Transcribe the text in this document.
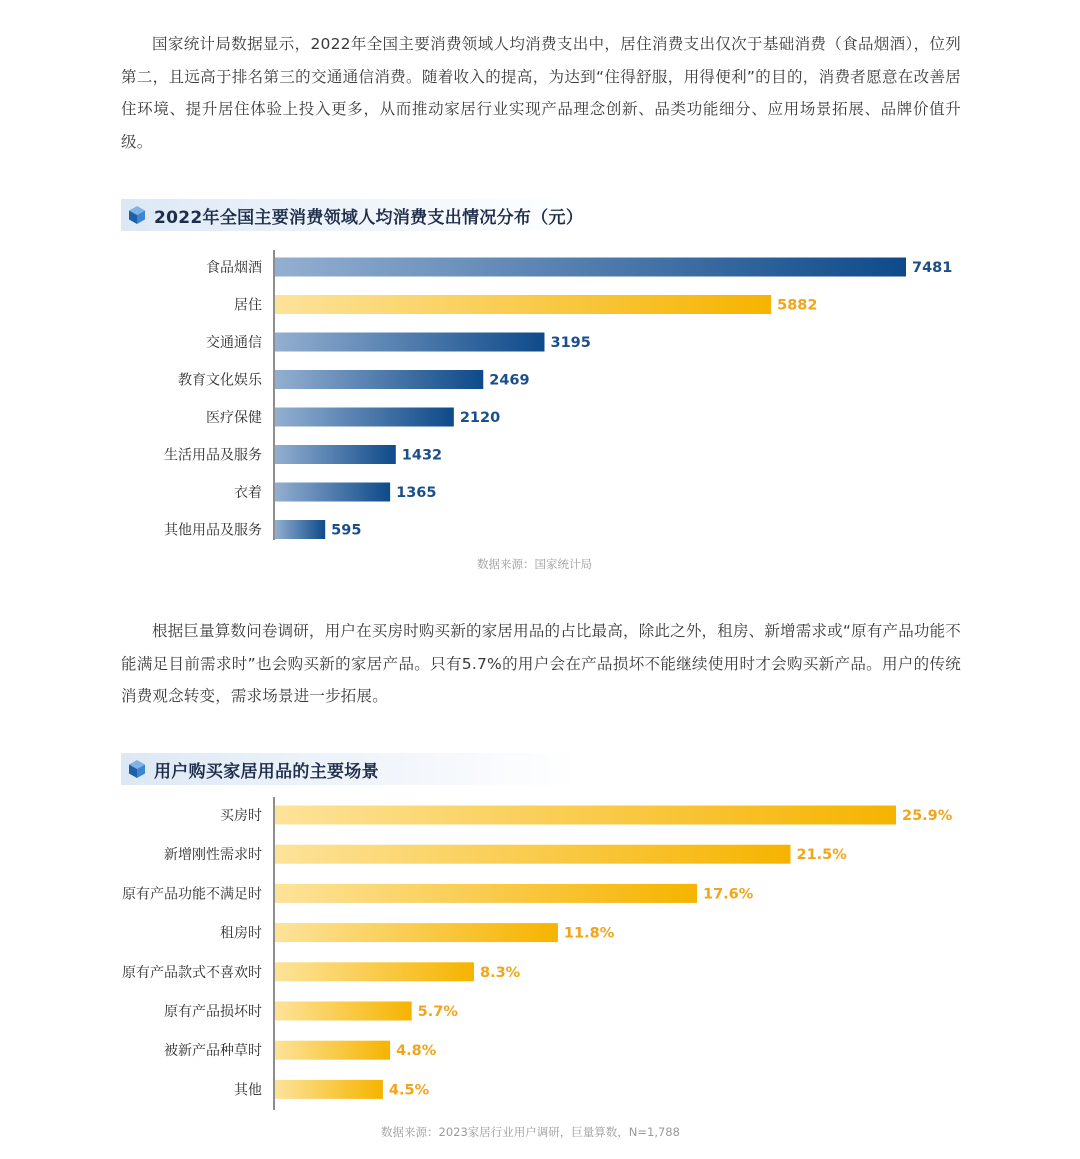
国家统计局数据显示，2022年全国主要消费领域人均消费支出中，居住消费支出仅次于基础消费（食品烟酒），位列第二，且远高于排名第三的交通通信消费。随着收入的提高，为达到“住得舒服，用得便利”的目的，消费者愿意在改善居住环境、提升居住体验上投入更多，从而推动家居行业实现产品理念创新、品类功能细分、应用场景拓展、品牌价值升级。

2022年全国主要消费领域人均消费支出情况分布（元）
食品烟酒	7481
居住	5882
交通通信	3195
教育文化娱乐	2469
医疗保健	2120
生活用品及服务	1432
衣着	1365
其他用品及服务	595
数据来源：国家统计局

根据巨量算数问卷调研，用户在买房时购买新的家居用品的占比最高，除此之外，租房、新增需求或“原有产品功能不能满足目前需求时”也会购买新的家居产品。只有5.7%的用户会在产品损坏不能继续使用时才会购买新产品。用户的传统消费观念转变，需求场景进一步拓展。

用户购买家居用品的主要场景
买房时	25.9%
新增刚性需求时	21.5%
原有产品功能不满足时	17.6%
租房时	11.8%
原有产品款式不喜欢时	8.3%
原有产品损坏时	5.7%
被新产品种草时	4.8%
其他	4.5%
数据来源：2023家居行业用户调研，巨量算数，N=1,788
